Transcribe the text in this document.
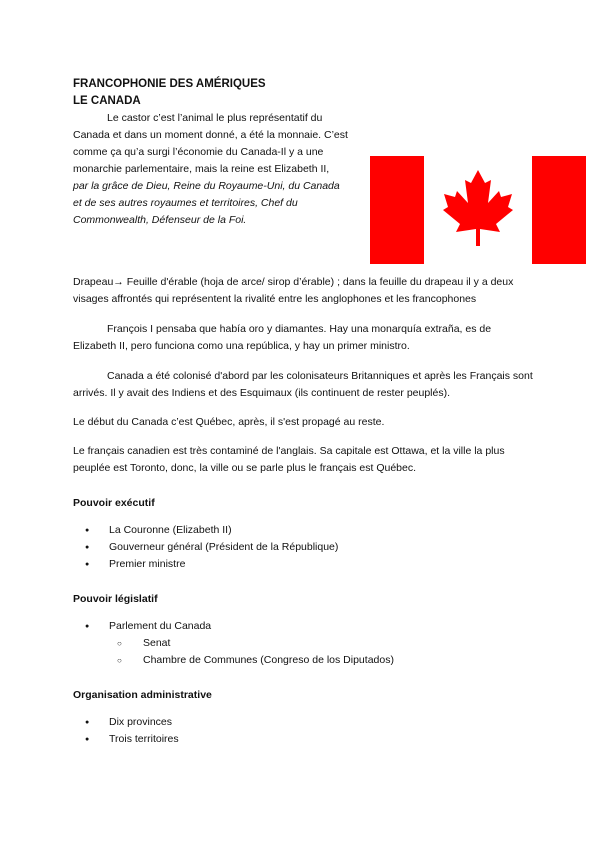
FRANCOPHONIE DES AMÉRIQUES
LE CANADA

Le castor c’est l’animal le plus représentatif du Canada et dans un moment donné, a été la monnaie. C’est comme ça qu’a surgi l’économie du Canada-Il y a une monarchie parlementaire, mais la reine est Elizabeth II,

par la grâce de Dieu, Reine du Royaume-Uni, du Canada et de ses autres royaumes et territoires, Chef du Commonwealth, Défenseur de la Foi.

Drapeau→ Feuille d'érable (hoja de arce/ sirop d’érable) ; dans la feuille du drapeau il y a deux visages affrontés qui représentent la rivalité entre les anglophones et les francophones

François I pensaba que había oro y diamantes. Hay una monarquía extraña, es de Elizabeth II, pero funciona como una república, y hay un primer ministro.

Canada a été colonisé d'abord par les colonisateurs Britanniques et après les Français sont arrivés. Il y avait des Indiens et des Esquimaux (ils continuent de rester peuplés).

Le début du Canada c’est Québec, après, il s'est propagé au reste.

Le français canadien est très contaminé de l'anglais. Sa capitale est Ottawa, et la ville la plus peuplée est Toronto, donc, la ville ou se parle plus le français est Québec.

Pouvoir exécutif
● La Couronne (Elizabeth II)
● Gouverneur général (Président de la République)
● Premier ministre
Pouvoir législatif
● Parlement du Canada
○ Senat
○ Chambre de Communes (Congreso de los Diputados)
Organisation administrative
● Dix provinces
● Trois territoires
